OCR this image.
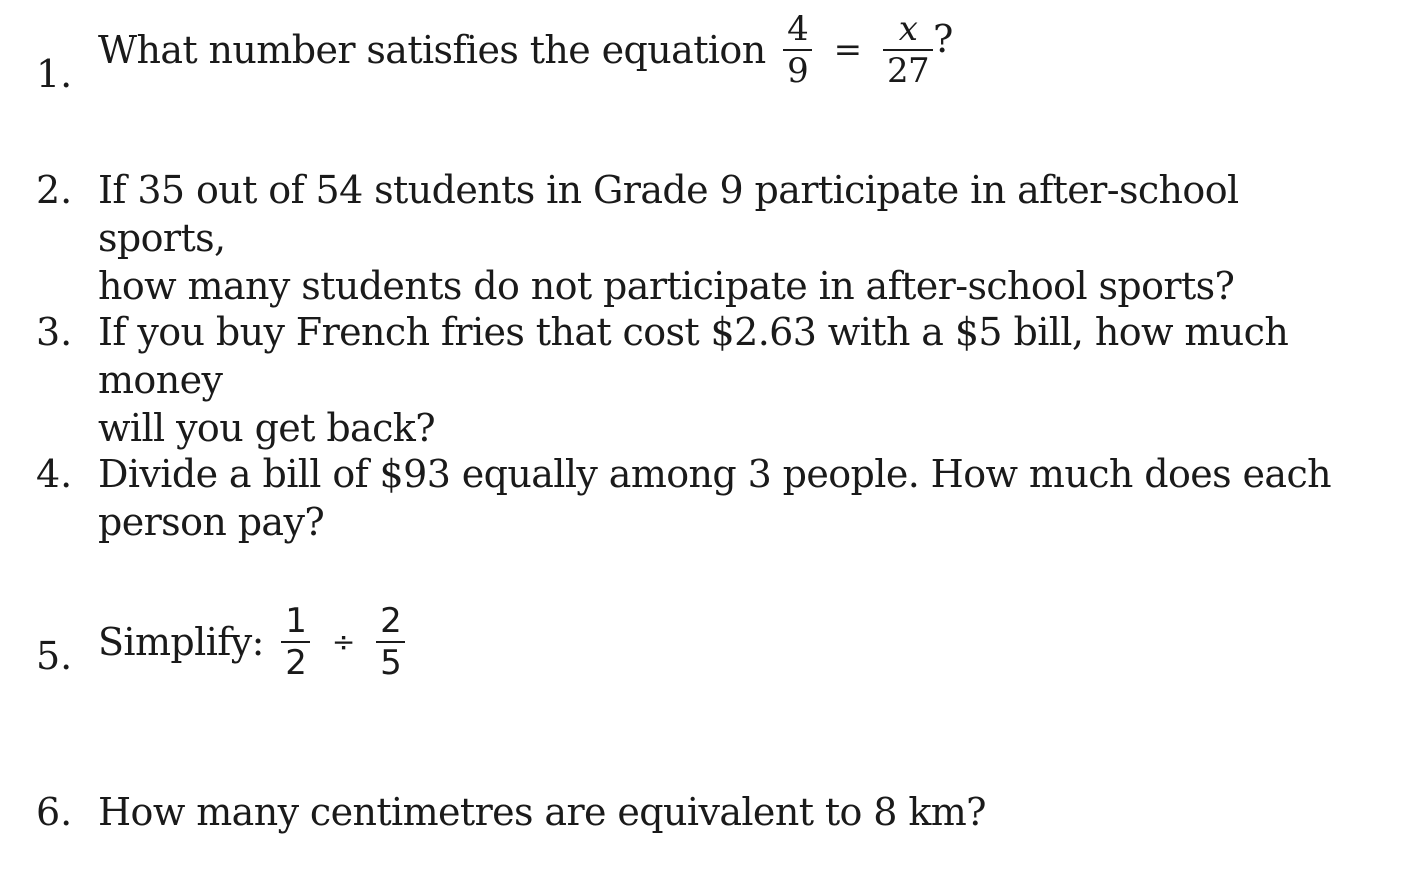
1.
What number satisfies the equation $\frac{4}{9} = \frac{x}{27}$ ?
2. If 35 out of 54 students in Grade 9 participate in after-school sports,
how many students do not participate in after-school sports?
3. If you buy French fries that cost $2.63 with a $5 bill, how much money
will you get back?
4. Divide a bill of $93 equally among 3 people. How much does each
person pay?
5. Simplify: $\frac{1}{2} \div \frac{2}{5}$
6. How many centimetres are equivalent to 8 km?
